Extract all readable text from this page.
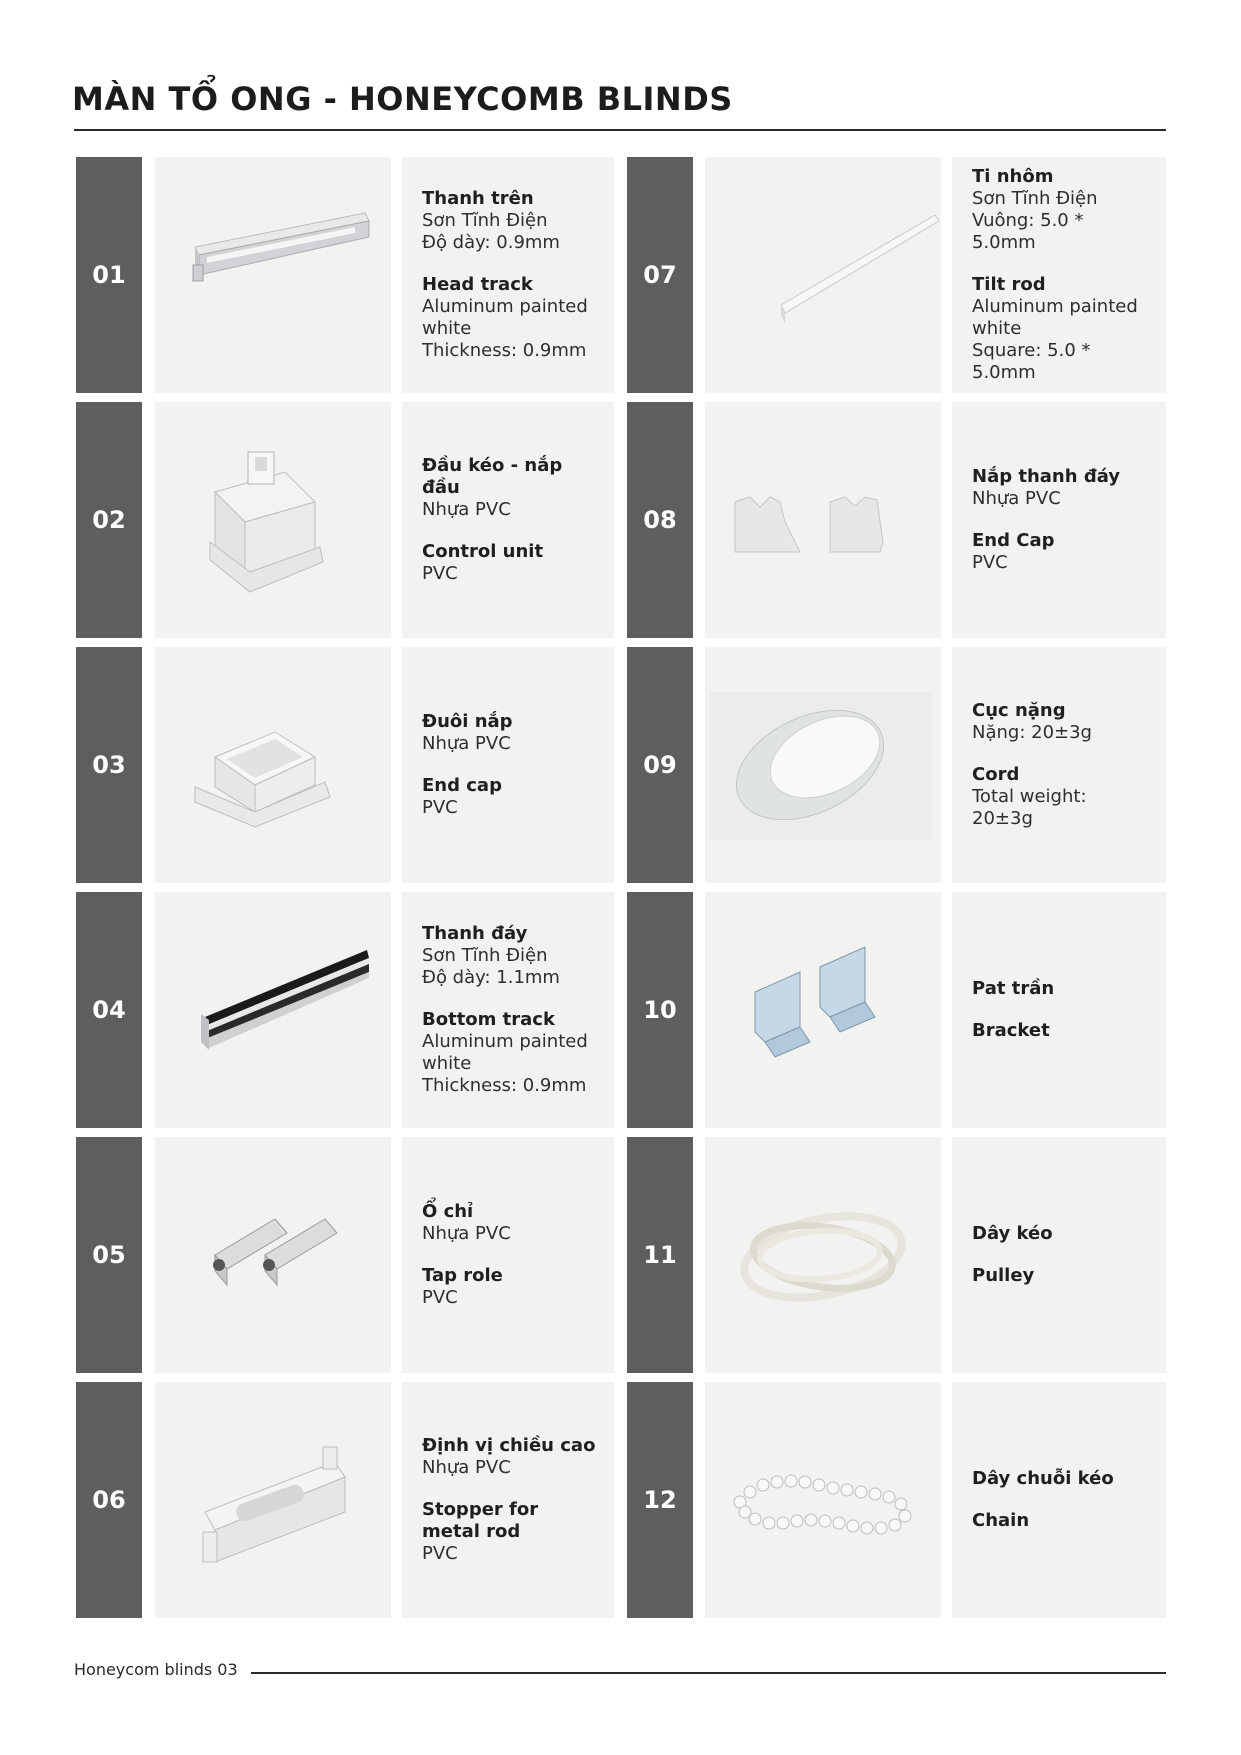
MÀN TỔ ONG - HONEYCOMB BLINDS
01
Thanh trên
Sơn Tĩnh Điện
Độ dày: 0.9mm
Head track
Aluminum painted
white
Thickness: 0.9mm
02
Đầu kéo - nắp đầu
Nhựa PVC
Control unit
PVC
03
Đuôi nắp
Nhựa PVC
End cap
PVC
04
Thanh đáy
Sơn Tĩnh Điện
Độ dày: 1.1mm
Bottom track
Aluminum painted
white
Thickness: 0.9mm
05
Ổ chỉ
Nhựa PVC
Tap role
PVC
06
Định vị chiều cao
Nhựa PVC
Stopper for metal rod
PVC
07
Ti nhôm
Sơn Tĩnh Điện
Vuông: 5.0 * 5.0mm
Tilt rod
Aluminum painted
white
Square: 5.0 * 5.0mm
08
Nắp thanh đáy
Nhựa PVC
End Cap
PVC
09
Cục nặng
Nặng: 20±3g
Cord
Total weight: 20±3g
10
Pat trần
Bracket
11
Dây kéo
Pulley
12
Dây chuỗi kéo
Chain
Honeycom blinds 03
